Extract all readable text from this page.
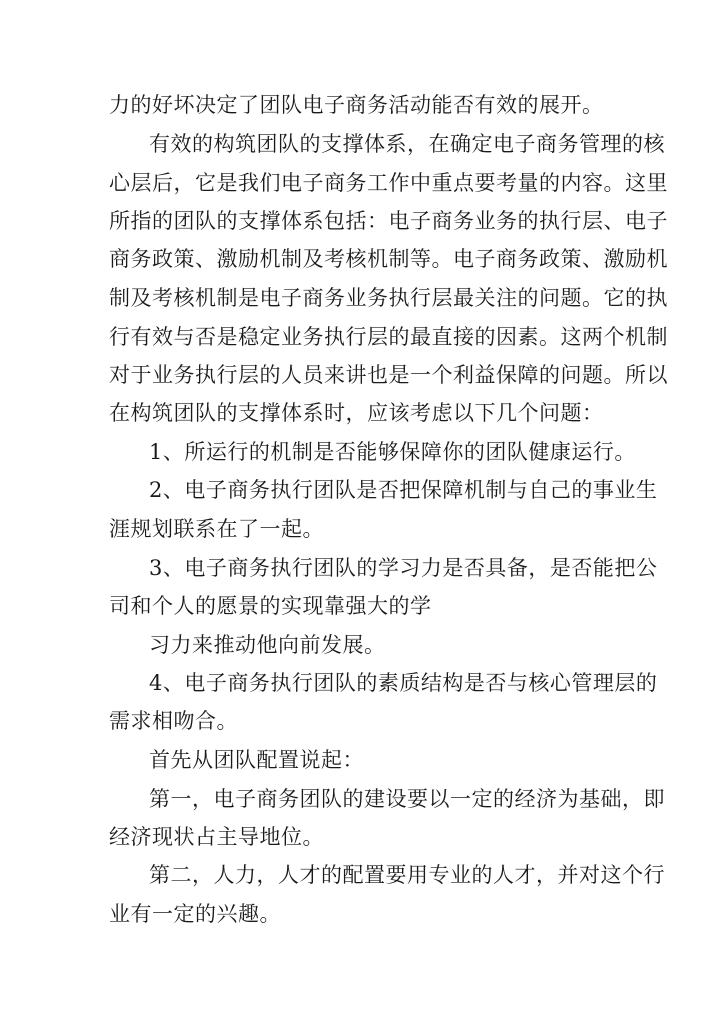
力的好坏决定了团队电子商务活动能否有效的展开。
有效的构筑团队的支撑体系，在确定电子商务管理的核
心层后，它是我们电子商务工作中重点要考量的内容。这里
所指的团队的支撑体系包括：电子商务业务的执行层、电子
商务政策、激励机制及考核机制等。电子商务政策、激励机
制及考核机制是电子商务业务执行层最关注的问题。它的执
行有效与否是稳定业务执行层的最直接的因素。这两个机制
对于业务执行层的人员来讲也是一个利益保障的问题。所以
在构筑团队的支撑体系时，应该考虑以下几个问题：
1、所运行的机制是否能够保障你的团队健康运行。
2、电子商务执行团队是否把保障机制与自己的事业生
涯规划联系在了一起。
3、电子商务执行团队的学习力是否具备，是否能把公
司和个人的愿景的实现靠强大的学
习力来推动他向前发展。
4、电子商务执行团队的素质结构是否与核心管理层的
需求相吻合。
首先从团队配置说起：
第一，电子商务团队的建设要以一定的经济为基础，即
经济现状占主导地位。
第二，人力，人才的配置要用专业的人才，并对这个行
业有一定的兴趣。
